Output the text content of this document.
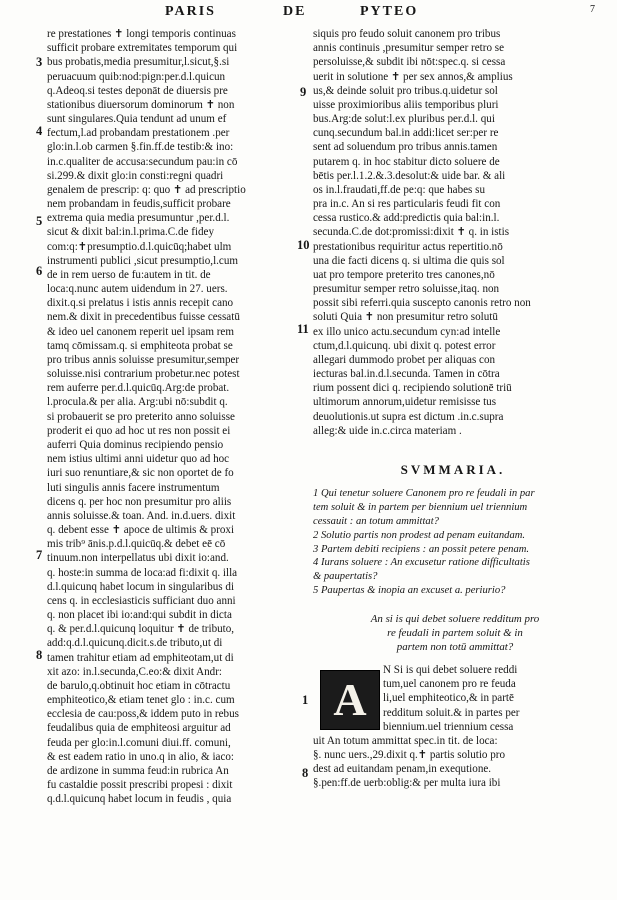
PARIS	DE	PYTEO	7
3
4
5
6
7
8
9
10
11
1
8
re prestationes ✝ longi temporis continuas
sufficit probare extremitates temporum qui
bus probatis,media presumitur,l.sicut,§.si
peruacuum quib:nod:pign:per.d.l.quicun
q.Adeoq.si testes deponāt de diuersis pre
stationibus diuersorum dominorum ✝ non
sunt singulares.Quia tendunt ad unum ef
fectum,l.ad probandam prestationem .per
glo:in.l.ob carmen §.fin.ff.de testib:& ino:
in.c.qualiter de accusa:secundum pau:in cō
si.299.& dixit glo:in consti:regni quadri
genalem de prescrip: q: quo ✝ ad prescriptio
nem probandam in feudis,sufficit probare
extrema quia media presumuntur ,per.d.l.
sicut & dixit bal:in.l.prima.C.de fidey
com:q:✝presumptio.d.l.quicūq;habet ulm
instrumenti publici ,sicut presumptio,l.cum
de in rem uerso de fu:autem in tit. de
loca:q.nunc autem uidendum in 27. uers.
dixit.q.si prelatus i istis annis recepit cano
nem.& dixit in precedentibus fuisse cessatū
& ideo uel canonem reperit uel ipsam rem
tamq cōmissam.q. si emphiteota probat se
pro tribus annis soluisse presumitur,semper
soluisse.nisi contrarium probetur.nec potest
rem auferre per.d.l.quicūq.Arg:de probat.
l.procula.& per alia. Arg:ubi nō:subdit q.
si probauerit se pro preterito anno soluisse
proderit ei quo ad hoc ut res non possit ei
auferri Quia dominus recipiendo pensio
nem istius ultimi anni uidetur quo ad hoc
iuri suo renuntiare,& sic non oportet de fo
luti singulis annis facere instrumentum
dicens q. per hoc non presumitur pro aliis
annis soluisse.& toan. And. in.d.uers. dixit
q. debent esse ✝ apoce de ultimis & proxi
mis trib⁹ ānis.p.d.l.quicūq.& debet eē cō
tinuum.non interpellatus ubi dixit io:and.
q. hoste:in summa de loca:ad fi:dixit q. illa
d.l.quicunq habet locum in singularibus di
cens q. in ecclesiasticis sufficiant duo anni
q. non placet ibi io:and:qui subdit in dicta
q. & per.d.l.quicunq loquitur ✝ de tributo,
add:q.d.l.quicunq.dicit.s.de tributo,ut di
tamen trahitur etiam ad emphiteotam,ut di
xit azo: in.l.secunda,C.eo:& dixit Andr:
de barulo,q.obtinuit hoc etiam in cōtractu
emphiteotico,& etiam tenet glo : in.c. cum
ecclesia de cau:poss,& iddem puto in rebus
feudalibus quia de emphiteosi arguitur ad
feuda per glo:in.l.comuni diui.ff. comuni,
& est eadem ratio in uno.q in alio, & iaco:
de ardizone in summa feud:in rubrica An
fu castaldie possit prescribi propesi : dixit
q.d.l.quicunq habet locum in feudis , quia
siquis pro feudo soluit canonem pro tribus
annis continuis ,presumitur semper retro se
persoluisse,& subdit ibi nōt:spec.q. si cessa
uerit in solutione ✝ per sex annos,& amplius
us,& deinde soluit pro tribus.q.uidetur sol
uisse proximioribus aliis temporibus pluri
bus.Arg:de solut:l.ex pluribus per.d.l. qui
cunq.secundum bal.in addi:licet ser:per re
sent ad soluendum pro tribus annis.tamen
putarem q. in hoc stabitur dicto soluere de
bētis per.l.1.2.&.3.desolut:& uide bar. & ali
os in.l.fraudati,ff.de pe:q: que habes su
pra in.c. An si res particularis feudi fit con
cessa rustico.& add:predictis quia bal:in.l.
secunda.C.de dot:promissi:dixit ✝ q. in istis
prestationibus requiritur actus repertitio.nō
una die facti dicens q. si ultima die quis sol
uat pro tempore preterito tres canones,nō
presumitur semper retro soluisse,itaq. non
possit sibi referri.quia suscepto canonis retro non
soluti Quia ✝ non presumitur retro solutū
ex illo unico actu.secundum cyn:ad intelle
ctum,d.l.quicunq. ubi dixit q. potest error
allegari dummodo probet per aliquas con
iecturas bal.in.d.l.secunda. Tamen in cōtra
rium possent dici q. recipiendo solutionē triū
ultimorum annorum,uidetur remisisse tus
deuolutionis.ut supra est dictum .in.c.supra
alleg:& uide in.c.circa materiam .
SVMMARIA.
1 Qui tenetur soluere Canonem pro re feudali in par
tem soluit & in partem per biennium uel triennium
cessauit : an totum ammittat?
2 Solutio partis non prodest ad penam euitandam.
3 Partem debiti recipiens : an possit petere penam.
4 Iurans soluere : An excusetur ratione difficultatis
& paupertatis?
5 Paupertas & inopia an excuset a. periurio?
An si is qui debet soluere redditum pro
re feudali in partem soluit & in
partem non totū ammittat?
A
N Si is qui debet soluere reddi
tum,uel canonem pro re feuda
li,uel emphiteotico,& in partē
redditum soluit.& in partes per
biennium.uel triennium cessa
uit An totum ammittat spec.in tit. de loca:
§. nunc uers.,29.dixit q.✝ partis solutio pro
dest ad euitandam penam,in exequtione.
§.pen:ff.de uerb:oblig:& per multa iura ibi
